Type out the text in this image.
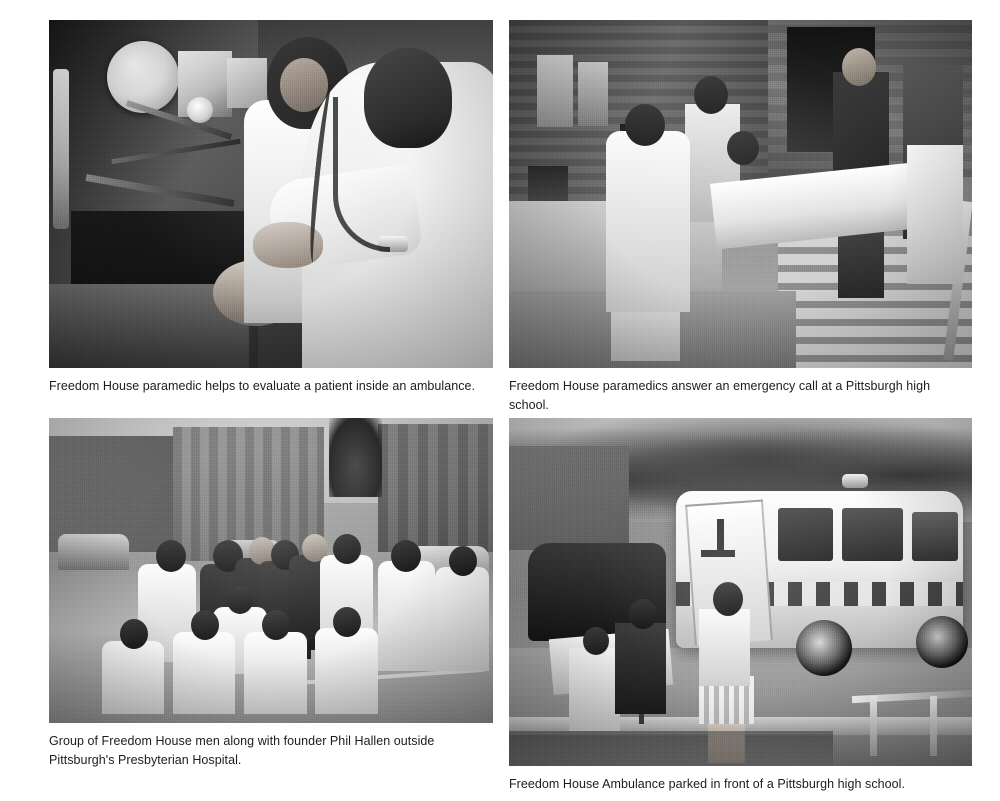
Freedom House paramedic helps to evaluate a patient inside an ambulance.	Freedom House paramedics answer an emergency call at a Pittsburgh high school.
Group of Freedom House men along with founder Phil Hallen outside Pittsburgh's Presbyterian Hospital.
Freedom House Ambulance parked in front of a Pittsburgh high school.
